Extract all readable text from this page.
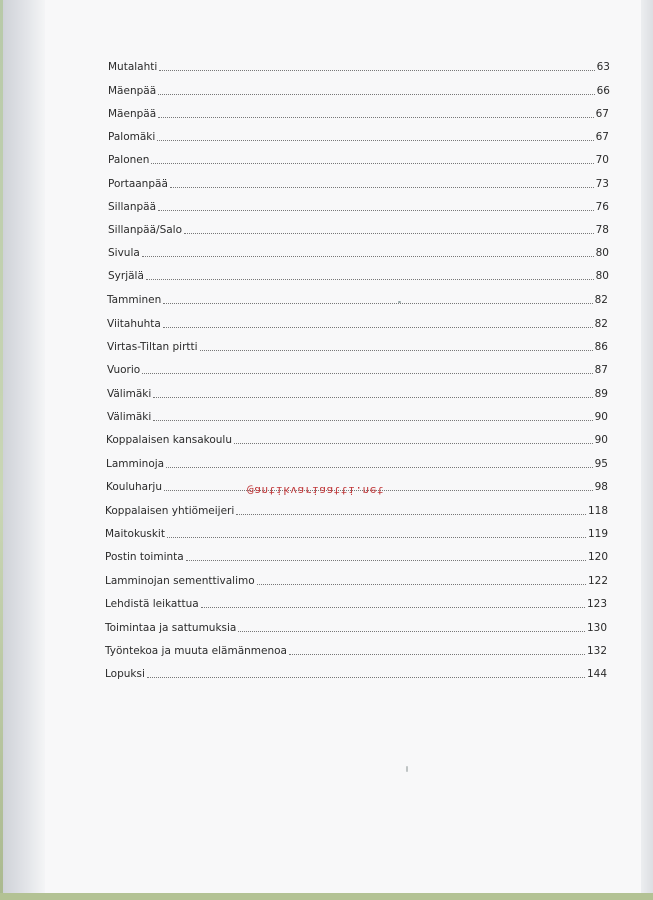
Mutalahti	63
Mäenpää	66
Mäenpää	67
Palomäki	67
Palonen	70
Portaanpää	73
Sillanpää	76
Sillanpää/Salo	78
Sivula	80
Syrjälä	80
Tamminen	82
Viitahuhta	82
Virtas-Tiltan pirtti	86
Vuorio	87
Välimäki	89
Välimäki	90
Koppalaisen kansakoulu	90
Lamminoja	95
Kouluharju	98
Koppalaisen yhtiömeijeri	118
Maitokuskit	119
Postin toiminta	120
Lamminojan sementtivalimo	122
Lehdistä leikattua	123
Toimintaa ja sattumuksia	130
Työntekoa ja muuta elämänmenoa	132
Lopuksi	144
@antikvariaatti.net
